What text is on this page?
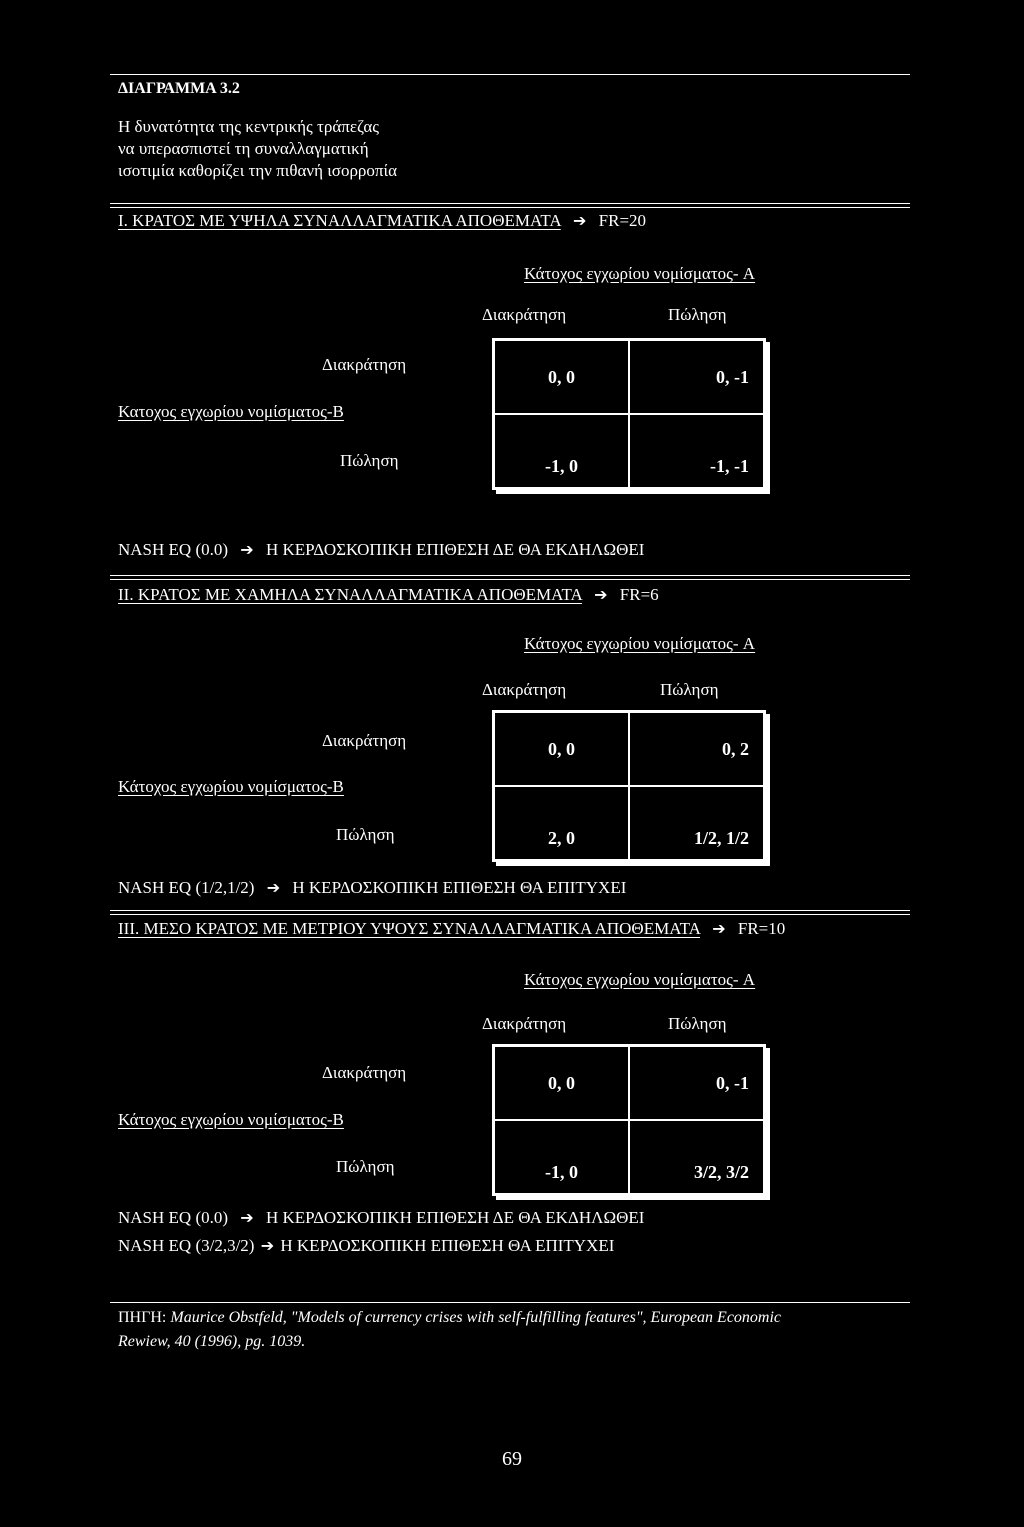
ΔΙΑΓΡΑΜΜΑ 3.2
Η δυνατότητα της κεντρικής τράπεζας
να υπερασπιστεί τη συναλλαγματική
ισοτιμία καθορίζει την πιθανή ισορροπία
I. ΚΡΑΤΟΣ ΜΕ ΥΨΗΛΑ ΣΥΝΑΛΛΑΓΜΑΤΙΚΑ ΑΠΟΘΕΜΑΤΑ ➔ FR=20
Κάτοχος εγχωρίου νομίσματος- A
Διακράτηση	Πώληση
Διακράτηση
Κατοχος εγχωρίου νομίσματος-B
Πώληση
0, 0	0, -1
-1, 0	-1, -1
NASH EQ (0.0) ➔ Η ΚΕΡΔΟΣΚΟΠΙΚΗ ΕΠΙΘΕΣΗ ΔΕ ΘΑ ΕΚΔΗΛΩΘΕΙ
II. ΚΡΑΤΟΣ ΜΕ ΧΑΜΗΛΑ ΣΥΝΑΛΛΑΓΜΑΤΙΚΑ ΑΠΟΘΕΜΑΤΑ ➔ FR=6
Κάτοχος εγχωρίου νομίσματος- A
Διακράτηση	Πώληση
Διακράτηση
Κάτοχος εγχωρίου νομίσματος-B
Πώληση
0, 0	0, 2
2, 0	1/2, 1/2
NASH EQ (1/2,1/2) ➔ Η ΚΕΡΔΟΣΚΟΠΙΚΗ ΕΠΙΘΕΣΗ ΘΑ ΕΠΙΤΥΧΕΙ
III. ΜΕΣΟ ΚΡΑΤΟΣ ΜΕ ΜΕΤΡΙΟΥ ΥΨΟΥΣ ΣΥΝΑΛΛΑΓΜΑΤΙΚΑ ΑΠΟΘΕΜΑΤΑ ➔ FR=10
Κάτοχος εγχωρίου νομίσματος- A
Διακράτηση	Πώληση
Διακράτηση
Κάτοχος εγχωρίου νομίσματος-B
Πώληση
0, 0	0, -1
-1, 0	3/2, 3/2
NASH EQ (0.0) ➔ Η ΚΕΡΔΟΣΚΟΠΙΚΗ ΕΠΙΘΕΣΗ ΔΕ ΘΑ ΕΚΔΗΛΩΘΕΙ
NASH EQ (3/2,3/2) ➔ Η ΚΕΡΔΟΣΚΟΠΙΚΗ ΕΠΙΘΕΣΗ ΘΑ ΕΠΙΤΥΧΕΙ
ΠΗΓΗ: Maurice Obstfeld, "Models of currency crises with self-fulfilling features", European Economic
Rewiew, 40 (1996), pg. 1039.
69
